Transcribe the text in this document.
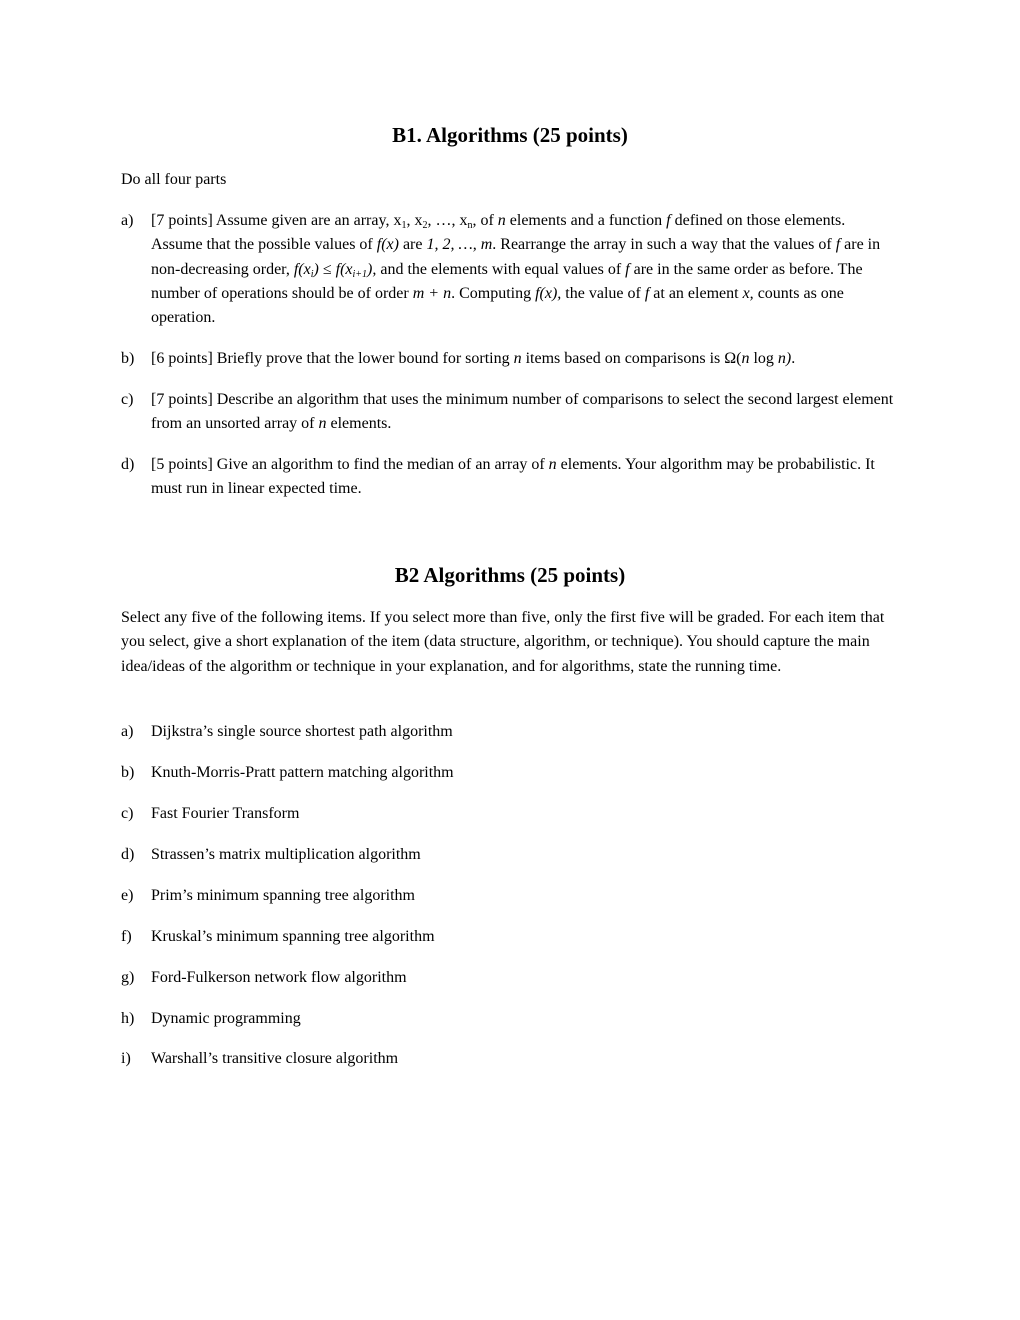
B1. Algorithms (25 points)

Do all four parts

a) [7 points] Assume given are an array, $x_1$, $x_2$, …, $x_n$, of n elements and a function f defined on those elements. Assume that the possible values of f(x) are 1, 2, …, m. Rearrange the array in such a way that the values of f are in non-decreasing order, $f(x_i) \le f(x_{i+1})$, and the elements with equal values of f are in the same order as before. The number of operations should be of order m + n. Computing f(x), the value of f at an element x, counts as one operation.
b) [6 points] Briefly prove that the lower bound for sorting n items based on comparisons is Ω(n log n).
c) [7 points] Describe an algorithm that uses the minimum number of comparisons to select the second largest element from an unsorted array of n elements.
d) [5 points] Give an algorithm to find the median of an array of n elements. Your algorithm may be probabilistic. It must run in linear expected time.
B2 Algorithms (25 points)

Select any five of the following items. If you select more than five, only the first five will be graded. For each item that you select, give a short explanation of the item (data structure, algorithm, or technique). You should capture the main idea/ideas of the algorithm or technique in your explanation, and for algorithms, state the running time.

a) Dijkstra’s single source shortest path algorithm
b) Knuth-Morris-Pratt pattern matching algorithm
c) Fast Fourier Transform
d) Strassen’s matrix multiplication algorithm
e) Prim’s minimum spanning tree algorithm
f) Kruskal’s minimum spanning tree algorithm
g) Ford-Fulkerson network flow algorithm
h) Dynamic programming
i) Warshall’s transitive closure algorithm
